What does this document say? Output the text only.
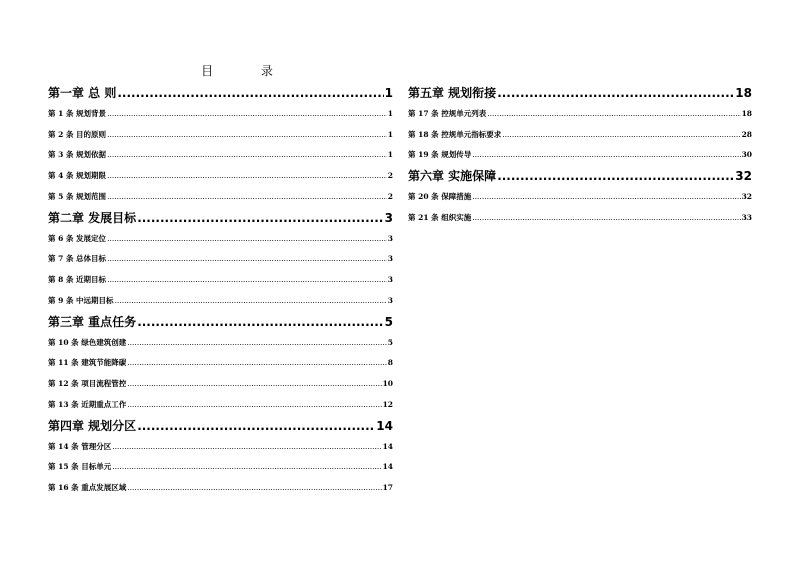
目 录
第一章 总 则 .....	1
第 1 条 规划背景 .....	1
第 2 条 目的原则 .....	1
第 3 条 规划依据 .....	1
第 4 条 规划期限 .....	2
第 5 条 规划范围 .....	2
第二章 发展目标 .....	3
第 6 条 发展定位 .....	3
第 7 条 总体目标 .....	3
第 8 条 近期目标 .....	3
第 9 条 中远期目标 .....	3
第三章 重点任务 .....	5
第 10 条 绿色建筑创建 .....	5
第 11 条 建筑节能降碳 .....	8
第 12 条 项目流程管控 .....	10
第 13 条 近期重点工作 .....	12
第四章 规划分区 .....	14
第 14 条 管理分区 .....	14
第 15 条 目标单元 .....	14
第 16 条 重点发展区域 .....	17
第五章 规划衔接 .....	18
第 17 条 控规单元列表 .....	18
第 18 条 控规单元指标要求 .....	28
第 19 条 规划传导 .....	30
第六章 实施保障 .....	32
第 20 条 保障措施 .....	32
第 21 条 组织实施 .....	33
